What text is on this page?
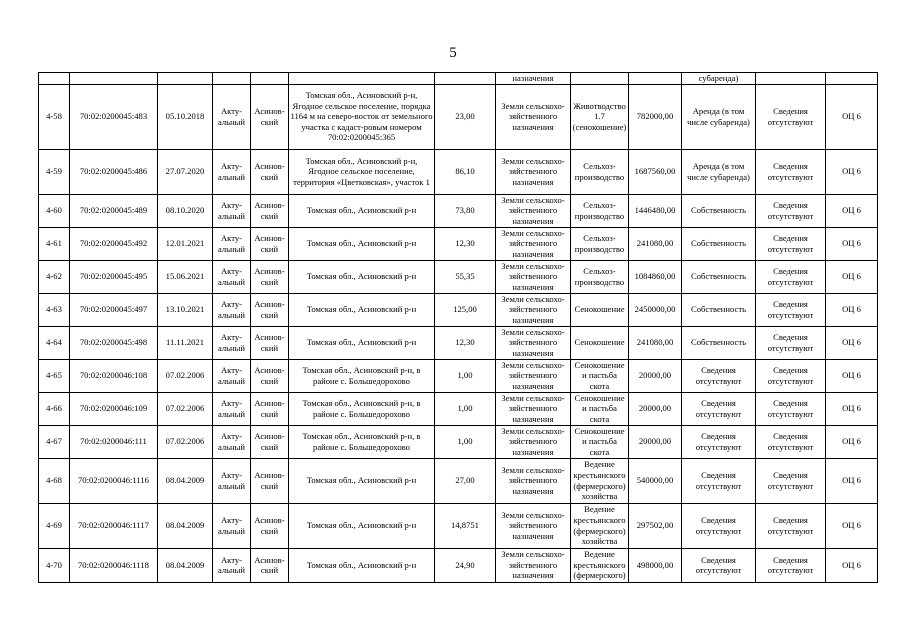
5
							назначения			субаренда)		
4-58	70:02:0200045:483	05.10.2018	Акту-альный	Асинов-ский	Томская обл., Асиновский р-н, Ягодное сельское поселение, порядка 1164 м на северо-восток от земельного участка с кадаст-ровым номером 70:02:0200045:365	23,00	Земли сельскохо-зяйственного назначения	Животводство 1.7 (сенокошение)	782000,00	Аренда (в том числе субаренда)	Сведения отсутствуют	ОЦ 6
4-59	70:02:0200045:486	27.07.2020	Акту-альный	Асинов-ский	Томская обл., Асиновский р-н, Ягодное сельское поселение, территория «Цветковская», участок 1	86,10	Земли сельскохо-зяйственного назначения	Сельхоз-производство	1687560,00	Аренда (в том числе субаренда)	Сведения отсутствуют	ОЦ 6
4-60	70:02:0200045:489	08.10.2020	Акту-альный	Асинов-ский	Томская обл., Асиновский р-н	73,80	Земли сельскохо-зяйственного назначения	Сельхоз-производство	1446480,00	Собственность	Сведения отсутствуют	ОЦ 6
4-61	70:02:0200045:492	12.01.2021	Акту-альный	Асинов-ский	Томская обл., Асиновский р-н	12,30	Земли сельскохо-зяйственного назначения	Сельхоз-производство	241080,00	Собственность	Сведения отсутствуют	ОЦ 6
4-62	70:02:0200045:495	15.06.2021	Акту-альный	Асинов-ский	Томская обл., Асиновский р-н	55,35	Земли сельскохо-зяйственного назначения	Сельхоз-производство	1084860,00	Собственность	Сведения отсутствуют	ОЦ 6
4-63	70:02:0200045:497	13.10.2021	Акту-альный	Асинов-ский	Томская обл., Асиновский р-н	125,00	Земли сельскохо-зяйственного назначения	Сенокошение	2450000,00	Собственность	Сведения отсутствуют	ОЦ 6
4-64	70:02:0200045:498	11.11.2021	Акту-альный	Асинов-ский	Томская обл., Асиновский р-н	12,30	Земли сельскохо-зяйственного назначения	Сенокошение	241080,00	Собственность	Сведения отсутствуют	ОЦ 6
4-65	70:02:0200046:108	07.02.2006	Акту-альный	Асинов-ский	Томская обл., Асиновский р-н, в районе с. Большедорохово	1,00	Земли сельскохо-зяйственного назначения	Сенокошение и пастьба скота	20000,00	Сведения отсутствуют	Сведения отсутствуют	ОЦ 6
4-66	70:02:0200046:109	07.02.2006	Акту-альный	Асинов-ский	Томская обл., Асиновский р-н, в районе с. Большедорохово	1,00	Земли сельскохо-зяйственного назначения	Сенокошение и пастьба скота	20000,00	Сведения отсутствуют	Сведения отсутствуют	ОЦ 6
4-67	70:02:0200046:111	07.02.2006	Акту-альный	Асинов-ский	Томская обл., Асиновский р-н, в районе с. Большедорохово	1,00	Земли сельскохо-зяйственного назначения	Сенокошение и пастьба скота	20000,00	Сведения отсутствуют	Сведения отсутствуют	ОЦ 6
4-68	70:02:0200046:1116	08.04.2009	Акту-альный	Асинов-ский	Томская обл., Асиновский р-н	27,00	Земли сельскохо-зяйственного назначения	Ведение крестьянского (фермерского) хозяйства	540000,00	Сведения отсутствуют	Сведения отсутствуют	ОЦ 6
4-69	70:02:0200046:1117	08.04.2009	Акту-альный	Асинов-ский	Томская обл., Асиновский р-н	14,8751	Земли сельскохо-зяйственного назначения	Ведение крестьянского (фермерского) хозяйства	297502,00	Сведения отсутствуют	Сведения отсутствуют	ОЦ 6
4-70	70:02:0200046:1118	08.04.2009	Акту-альный	Асинов-ский	Томская обл., Асиновский р-н	24,90	Земли сельскохо-зяйственного назначения	Ведение крестьянского (фермерского)	498000,00	Сведения отсутствуют	Сведения отсутствуют	ОЦ 6
